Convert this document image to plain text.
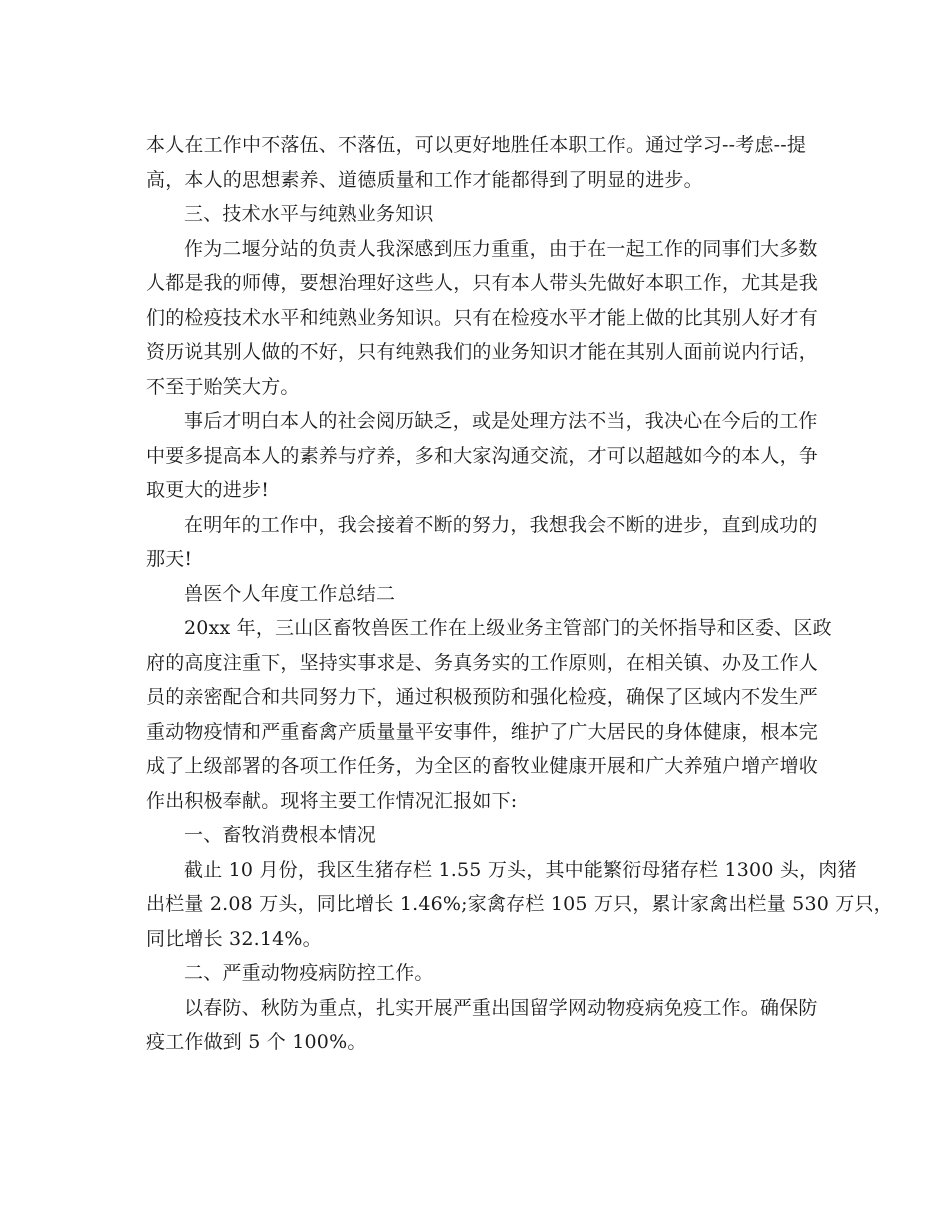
本人在工作中不落伍、不落伍，可以更好地胜任本职工作。通过学习--考虑--提
高，本人的思想素养、道德质量和工作才能都得到了明显的进步。
三、技术水平与纯熟业务知识
作为二堰分站的负责人我深感到压力重重，由于在一起工作的同事们大多数
人都是我的师傅，要想治理好这些人，只有本人带头先做好本职工作，尤其是我
们的检疫技术水平和纯熟业务知识。只有在检疫水平才能上做的比其别人好才有
资历说其别人做的不好，只有纯熟我们的业务知识才能在其别人面前说内行话，
不至于贻笑大方。
事后才明白本人的社会阅历缺乏，或是处理方法不当，我决心在今后的工作
中要多提高本人的素养与疗养，多和大家沟通交流，才可以超越如今的本人，争
取更大的进步!
在明年的工作中，我会接着不断的努力，我想我会不断的进步，直到成功的
那天!
兽医个人年度工作总结二
20xx 年，三山区畜牧兽医工作在上级业务主管部门的关怀指导和区委、区政
府的高度注重下，坚持实事求是、务真务实的工作原则，在相关镇、办及工作人
员的亲密配合和共同努力下，通过积极预防和强化检疫，确保了区域内不发生严
重动物疫情和严重畜禽产质量量平安事件，维护了广大居民的身体健康，根本完
成了上级部署的各项工作任务，为全区的畜牧业健康开展和广大养殖户增产增收
作出积极奉献。现将主要工作情况汇报如下:
一、畜牧消费根本情况
截止 10 月份，我区生猪存栏 1.55 万头，其中能繁衍母猪存栏 1300 头，肉猪
出栏量 2.08 万头，同比增长 1.46%;家禽存栏 105 万只，累计家禽出栏量 530 万只，
同比增长 32.14%。
二、严重动物疫病防控工作。
以春防、秋防为重点，扎实开展严重出国留学网动物疫病免疫工作。确保防
疫工作做到 5 个 100%。
